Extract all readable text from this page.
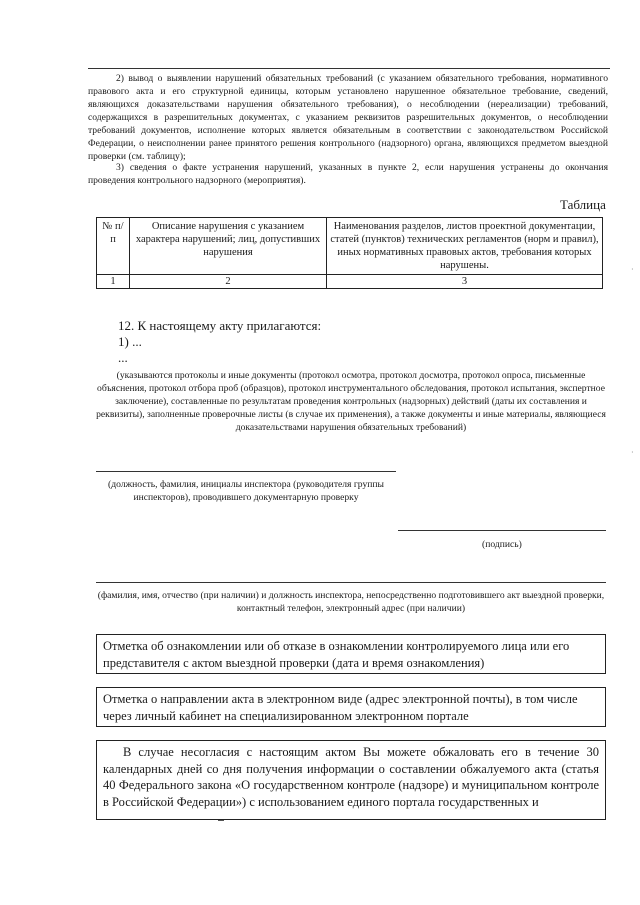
2) вывод о выявлении нарушений обязательных требований (с указанием обязательного требования, нормативного правового акта и его структурной единицы, которым установлено нарушенное обязательное требование, сведений, являющихся доказательствами нарушения обязательного требования), о несоблюдении (нереализации) требований, содержащихся в разрешительных документах, с указанием реквизитов разрешительных документов, о несоблюдении требований документов, исполнение которых является обязательным в соответствии с законодательством Российской Федерации, о неисполнении ранее принятого решения контрольного (надзорного) органа, являющихся предметом выездной проверки (см. таблицу);

3) сведения о факте устранения нарушений, указанных в пункте 2, если нарушения устранены до окончания проведения контрольного надзорного (мероприятия).

Таблица
№ п/п	Описание нарушения с указанием характера нарушений; лиц, допустивших нарушения	Наименования разделов, листов проектной документации, статей (пунктов) технических регламентов (норм и правил), иных нормативных правовых актов, требования которых нарушены.
1	2	3
12. К настоящему акту прилагаются:
1) ...
...

(указываются протоколы и иные документы (протокол осмотра, протокол досмотра, протокол опроса, письменные объяснения, протокол отбора проб (образцов), протокол инструментального обследования, протокол испытания, экспертное заключение), составленные по результатам проведения контрольных (надзорных) действий (даты их составления и реквизиты), заполненные проверочные листы (в случае их применения), а также документы и иные материалы, являющиеся доказательствами нарушения обязательных требований)

(должность, фамилия, инициалы инспектора (руководителя группы инспекторов), проводившего документарную проверку

(подпись)

(фамилия, имя, отчество (при наличии) и должность инспектора, непосредственно подготовившего акт выездной проверки, контактный телефон, электронный адрес (при наличии)

Отметка об ознакомлении или об отказе в ознакомлении контролируемого лица или его представителя с актом выездной проверки (дата и время ознакомления)
Отметка о направлении акта в электронном виде (адрес электронной почты), в том числе через личный кабинет на специализированном электронном портале
В случае несогласия с настоящим актом Вы можете обжаловать его в течение 30 календарных дней со дня получения информации о составлении обжалуемого акта (статья 40 Федерального закона «О государственном контроле (надзоре) и муниципальном контроле в Российской Федерации») с использованием единого портала государственных и
·
·
